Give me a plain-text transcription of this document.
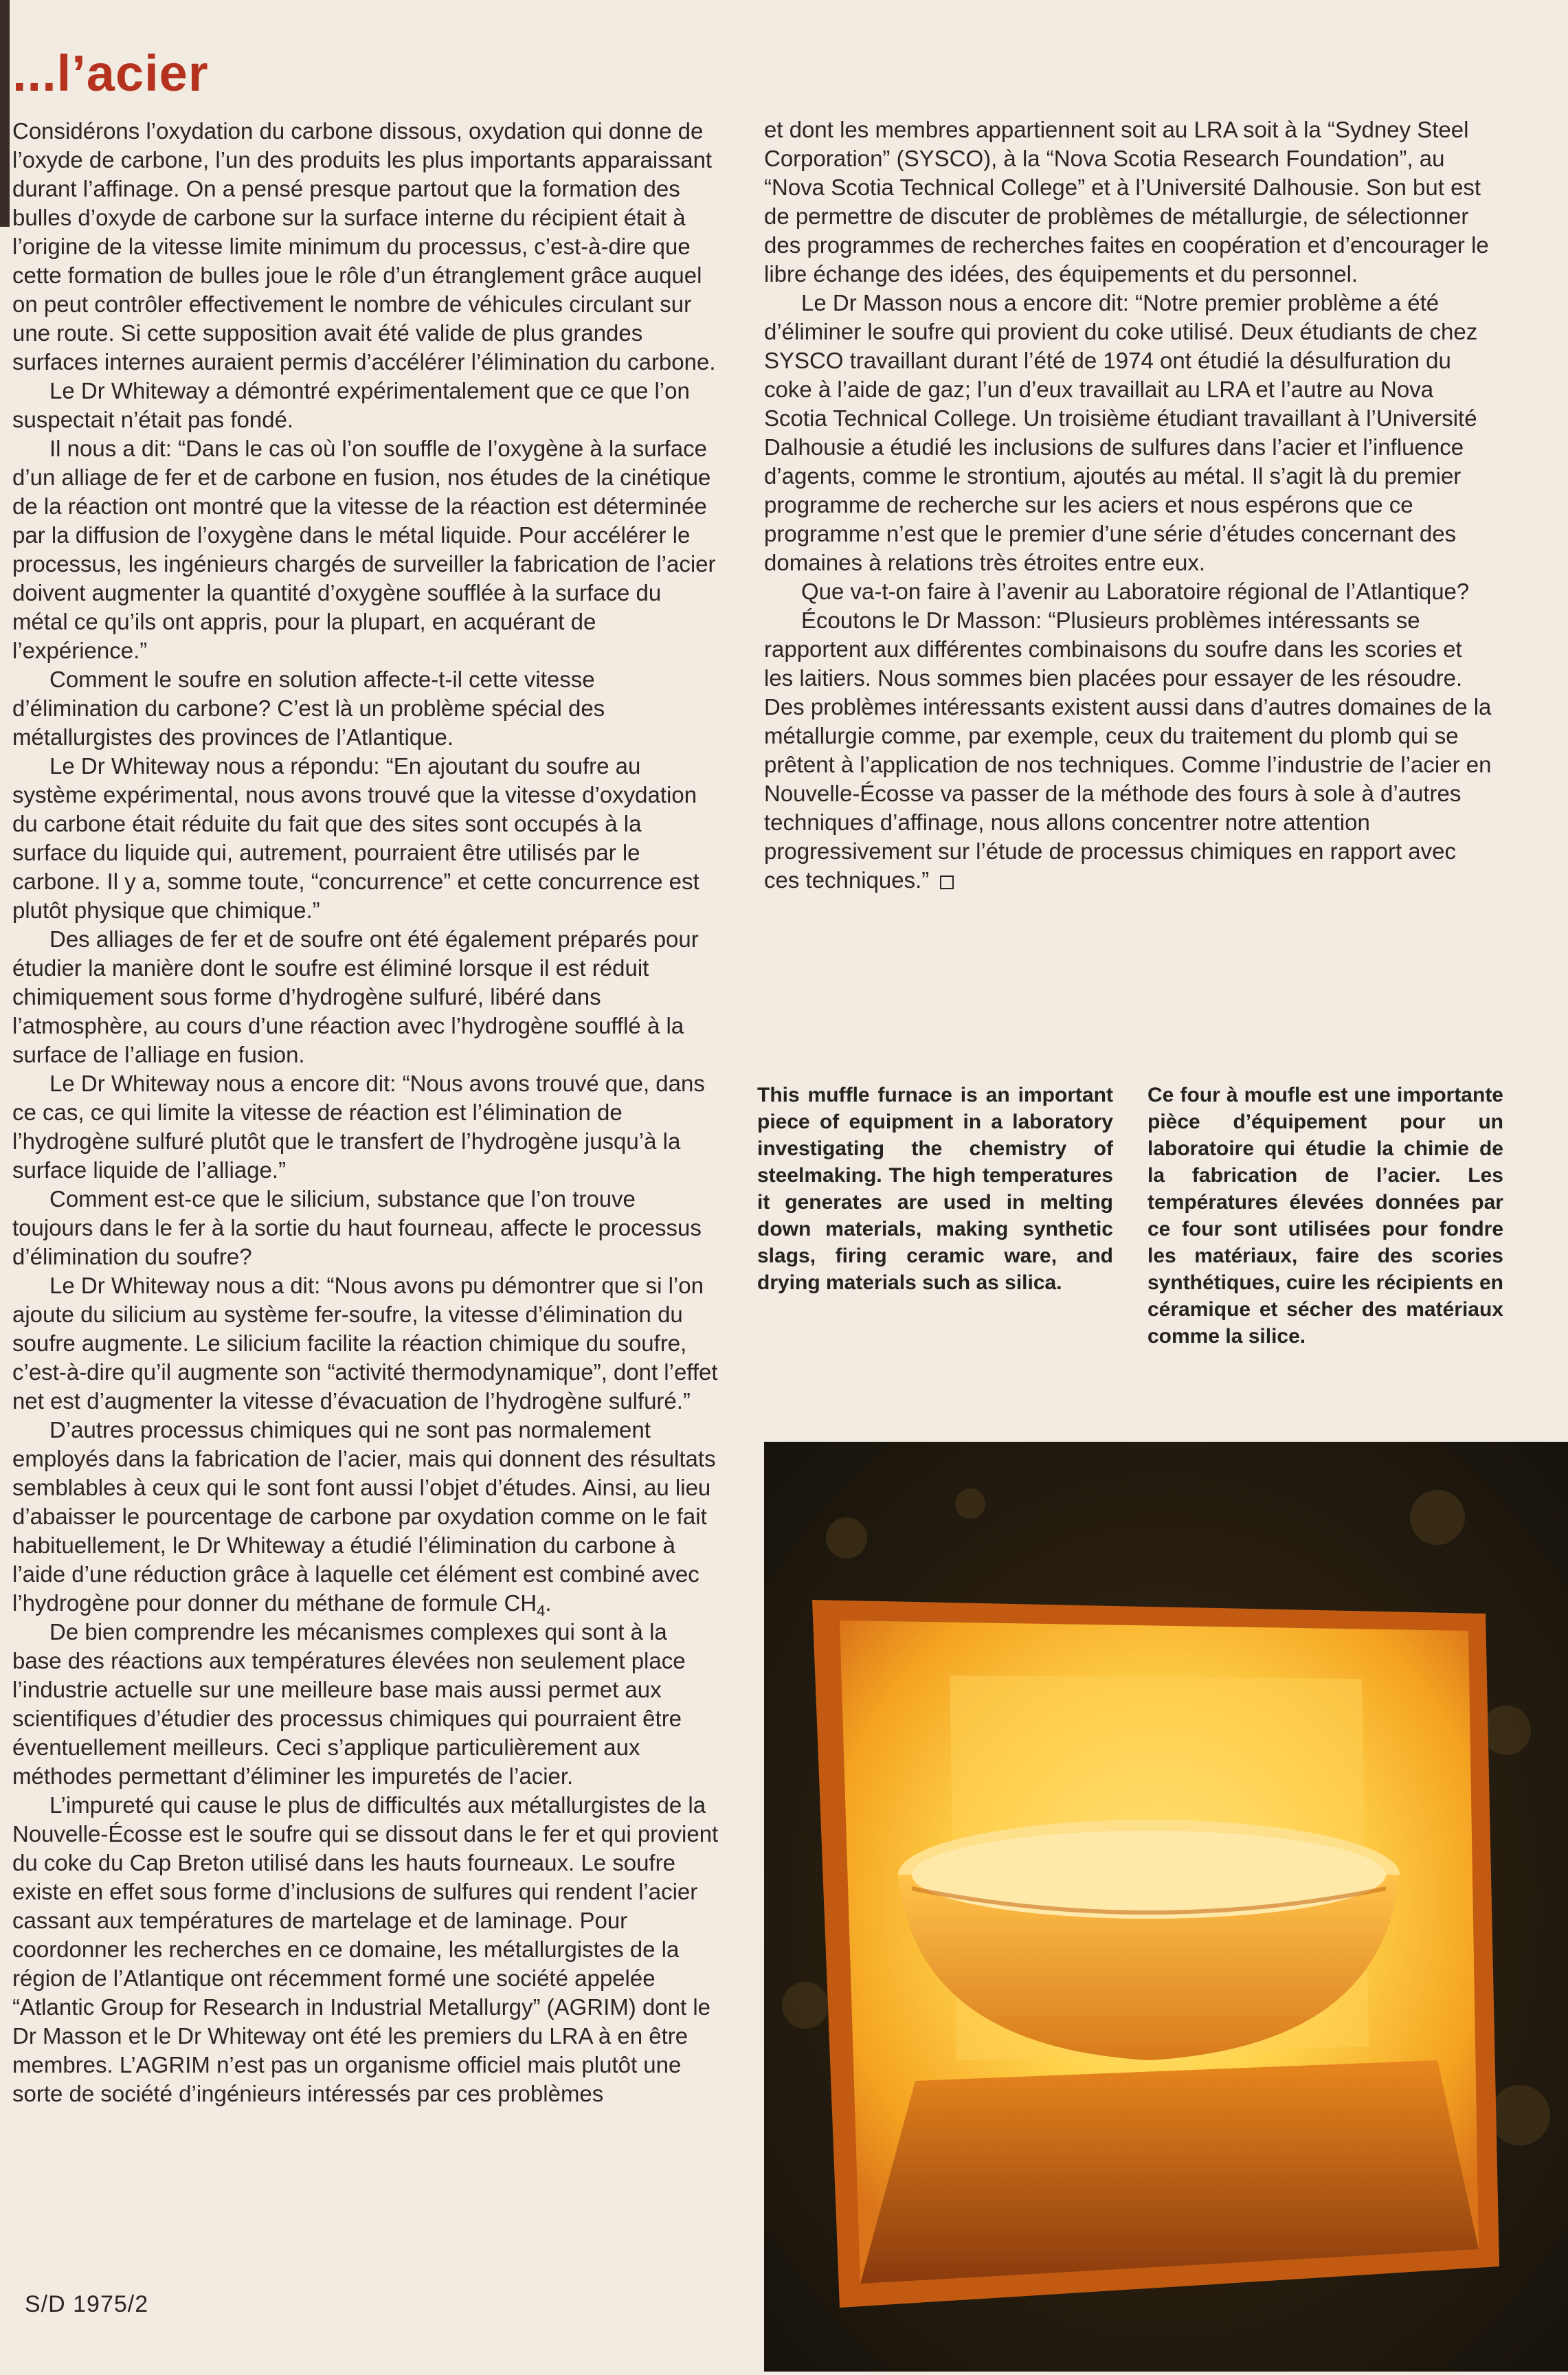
...l’acier

Considérons l’oxydation du carbone dissous, oxydation qui donne de l’oxyde de carbone, l’un des produits les plus importants apparaissant durant l’affinage. On a pensé presque partout que la formation des bulles d’oxyde de carbone sur la surface interne du récipient était à l’origine de la vitesse limite minimum du processus, c’est-à-dire que cette formation de bulles joue le rôle d’un étranglement grâce auquel on peut contrôler effectivement le nombre de véhicules circulant sur une route. Si cette supposition avait été valide de plus grandes surfaces internes auraient permis d’accélérer l’élimination du carbone.

Le Dr Whiteway a démontré expérimentalement que ce que l’on suspectait n’était pas fondé.

Il nous a dit: “Dans le cas où l’on souffle de l’oxygène à la surface d’un alliage de fer et de carbone en fusion, nos études de la cinétique de la réaction ont montré que la vitesse de la réaction est déterminée par la diffusion de l’oxygène dans le métal liquide. Pour accélérer le processus, les ingénieurs chargés de surveiller la fabrication de l’acier doivent augmenter la quantité d’oxygène soufflée à la surface du métal ce qu’ils ont appris, pour la plupart, en acquérant de l’expérience.”

Comment le soufre en solution affecte-t-il cette vitesse d’élimination du carbone? C’est là un problème spécial des métallurgistes des provinces de l’Atlantique.

Le Dr Whiteway nous a répondu: “En ajoutant du soufre au système expérimental, nous avons trouvé que la vitesse d’oxydation du carbone était réduite du fait que des sites sont occupés à la surface du liquide qui, autrement, pourraient être utilisés par le carbone. Il y a, somme toute, “concurrence” et cette concurrence est plutôt physique que chimique.”

Des alliages de fer et de soufre ont été également préparés pour étudier la manière dont le soufre est éliminé lorsque il est réduit chimiquement sous forme d’hydrogène sulfuré, libéré dans l’atmosphère, au cours d’une réaction avec l’hydrogène soufflé à la surface de l’alliage en fusion.

Le Dr Whiteway nous a encore dit: “Nous avons trouvé que, dans ce cas, ce qui limite la vitesse de réaction est l’élimination de l’hydrogène sulfuré plutôt que le transfert de l’hydrogène jusqu’à la surface liquide de l’alliage.”

Comment est-ce que le silicium, substance que l’on trouve toujours dans le fer à la sortie du haut fourneau, affecte le processus d’élimination du soufre?

Le Dr Whiteway nous a dit: “Nous avons pu démontrer que si l’on ajoute du silicium au système fer-soufre, la vitesse d’élimination du soufre augmente. Le silicium facilite la réaction chimique du soufre, c’est-à-dire qu’il augmente son “activité thermodynamique”, dont l’effet net est d’augmenter la vitesse d’évacuation de l’hydrogène sulfuré.”

D’autres processus chimiques qui ne sont pas normalement employés dans la fabrication de l’acier, mais qui donnent des résultats semblables à ceux qui le sont font aussi l’objet d’études. Ainsi, au lieu d’abaisser le pourcentage de carbone par oxydation comme on le fait habituellement, le Dr Whiteway a étudié l’élimination du carbone à l’aide d’une réduction grâce à laquelle cet élément est combiné avec l’hydrogène pour donner du méthane de formule $CH_4$.

De bien comprendre les mécanismes complexes qui sont à la base des réactions aux températures élevées non seulement place l’industrie actuelle sur une meilleure base mais aussi permet aux scientifiques d’étudier des processus chimiques qui pourraient être éventuellement meilleurs. Ceci s’applique particulièrement aux méthodes permettant d’éliminer les impuretés de l’acier.

L’impureté qui cause le plus de difficultés aux métallurgistes de la Nouvelle-Écosse est le soufre qui se dissout dans le fer et qui provient du coke du Cap Breton utilisé dans les hauts fourneaux. Le soufre existe en effet sous forme d’inclusions de sulfures qui rendent l’acier cassant aux températures de martelage et de laminage. Pour coordonner les recherches en ce domaine, les métallurgistes de la région de l’Atlantique ont récemment formé une société appelée “Atlantic Group for Research in Industrial Metallurgy” (AGRIM) dont le Dr Masson et le Dr Whiteway ont été les premiers du LRA à en être membres. L’AGRIM n’est pas un organisme officiel mais plutôt une sorte de société d’ingénieurs intéressés par ces problèmes

et dont les membres appartiennent soit au LRA soit à la “Sydney Steel Corporation” (SYSCO), à la “Nova Scotia Research Foundation”, au “Nova Scotia Technical College” et à l’Université Dalhousie. Son but est de permettre de discuter de problèmes de métallurgie, de sélectionner des programmes de recherches faites en coopération et d’encourager le libre échange des idées, des équipements et du personnel.

Le Dr Masson nous a encore dit: “Notre premier problème a été d’éliminer le soufre qui provient du coke utilisé. Deux étudiants de chez SYSCO travaillant durant l’été de 1974 ont étudié la désulfuration du coke à l’aide de gaz; l’un d’eux travaillait au LRA et l’autre au Nova Scotia Technical College. Un troisième étudiant travaillant à l’Université Dalhousie a étudié les inclusions de sulfures dans l’acier et l’influence d’agents, comme le strontium, ajoutés au métal. Il s’agit là du premier programme de recherche sur les aciers et nous espérons que ce programme n’est que le premier d’une série d’études concernant des domaines à relations très étroites entre eux.

Que va-t-on faire à l’avenir au Laboratoire régional de l’Atlantique?

Écoutons le Dr Masson: “Plusieurs problèmes intéressants se rapportent aux différentes combinaisons du soufre dans les scories et les laitiers. Nous sommes bien placées pour essayer de les résoudre. Des problèmes intéressants existent aussi dans d’autres domaines de la métallurgie comme, par exemple, ceux du traitement du plomb qui se prêtent à l’application de nos techniques. Comme l’industrie de l’acier en Nouvelle-Écosse va passer de la méthode des fours à sole à d’autres techniques d’affinage, nous allons concentrer notre attention progressivement sur l’étude de processus chimiques en rapport avec ces techniques.”

This muffle furnace is an important piece of equipment in a laboratory investigating the chemistry of steelmaking. The high temperatures it generates are used in melting down materials, making synthetic slags, firing ceramic ware, and drying materials such as silica.

Ce four à moufle est une importante pièce d’équipement pour un laboratoire qui étudie la chimie de la fabrication de l’acier. Les températures élevées données par ce four sont utilisées pour fondre les matériaux, faire des scories synthétiques, cuire les récipients en céramique et sécher des matériaux comme la silice.

S/D 1975/2
